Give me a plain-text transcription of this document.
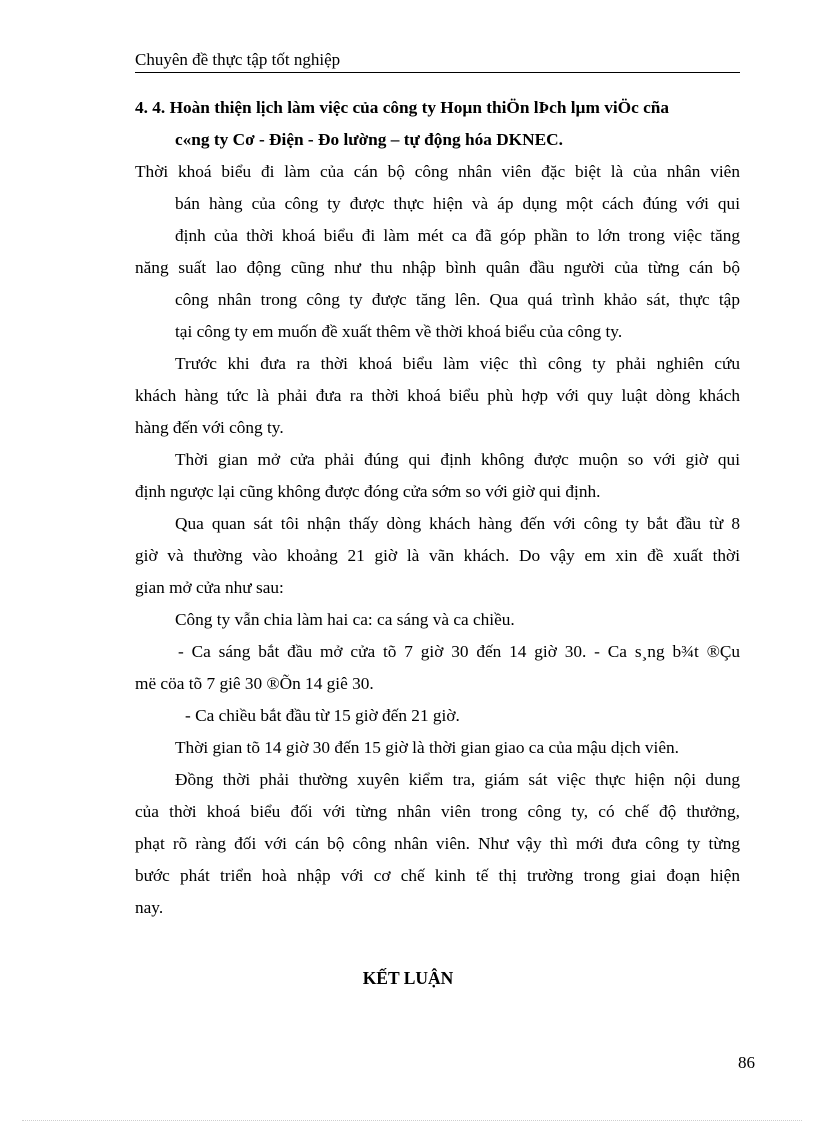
Chuyên đề thực tập tốt nghiệp
4. 4. Hoàn thiện lịch làm việc của công ty Hoµn thiÖn lÞch lµm viÖc cña
c«ng ty Cơ - Điện - Đo lường – tự động hóa DKNEC.
Thời khoá biểu đi làm của cán bộ công nhân viên đặc biệt là của nhân viên
bán hàng của công ty được thực hiện và áp dụng một cách đúng với qui
định của thời khoá biểu đi làm mét ca đã góp phần to lớn trong việc tăng
năng suất lao động cũng như thu nhập bình quân đầu người của từng cán bộ
công nhân trong công ty được tăng lên. Qua quá trình khảo sát, thực tập
tại công ty em muốn đề xuất thêm về thời khoá biểu của công ty.
Trước khi đưa ra thời khoá biểu làm việc thì công ty phải nghiên cứu
khách hàng tức là phải đưa ra thời khoá biểu phù hợp với quy luật dòng khách
hàng đến với công ty.
Thời gian mở cửa phải đúng qui định không được muộn so với giờ qui
định ngược lại cũng không được đóng cửa sớm so với giờ qui định.
Qua quan sát tôi nhận thấy dòng khách hàng đến với công ty bắt đầu từ 8
giờ và thường vào khoảng 21 giờ là vãn khách. Do vậy em xin đề xuất thời
gian mở cửa như sau:
Công ty vẫn chia làm hai ca: ca sáng và ca chiều.
- Ca sáng bắt đầu mở cửa tõ 7 giờ 30 đến 14 giờ 30. - Ca s¸ng b¾t ®Çu
më cöa tõ 7 giê 30 ®Õn 14 giê 30.
- Ca chiều bắt đầu từ 15 giờ đến 21 giờ.
Thời gian tõ 14 giờ 30 đến 15 giờ là thời gian giao ca của mậu dịch viên.
Đồng thời phải thường xuyên kiểm tra, giám sát việc thực hiện nội dung
của thời khoá biểu đối với từng nhân viên trong công ty, có chế độ thưởng,
phạt rõ ràng đối với cán bộ công nhân viên. Như vậy thì mới đưa công ty từng
bước phát triển hoà nhập với cơ chế kinh tế thị trường trong giai đoạn hiện
nay.
KẾT LUẬN
86
